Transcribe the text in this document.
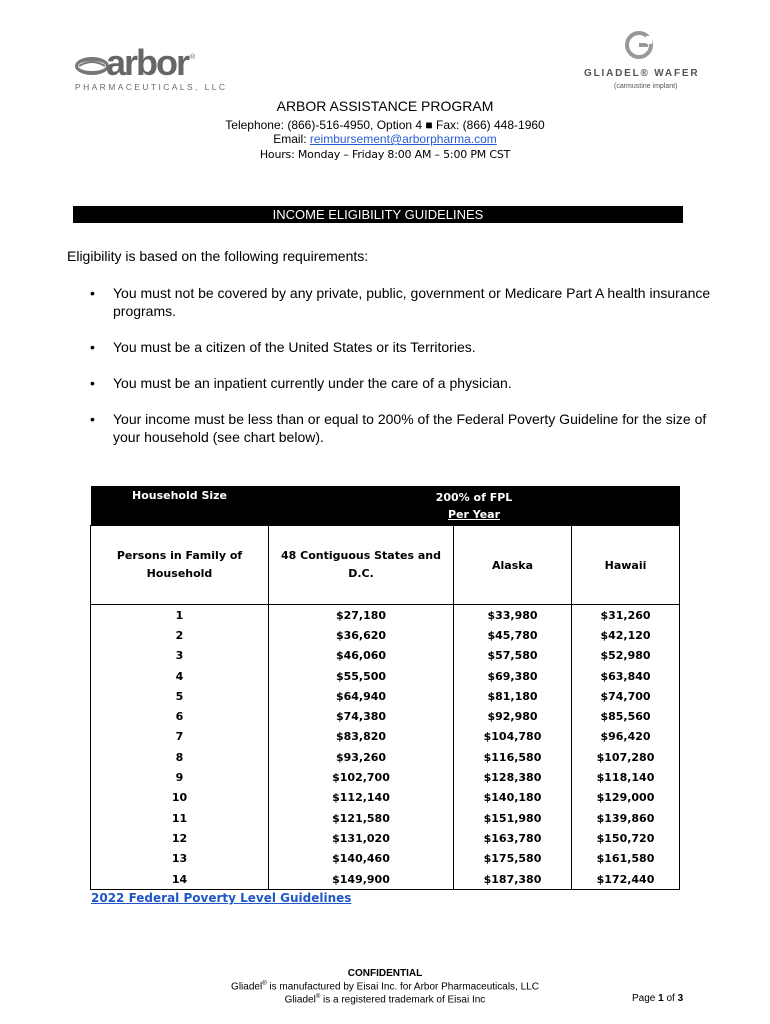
arbor ®
PHARMACEUTICALS, LLC
GLIADEL® WAFER
(carmustine implant)
ARBOR ASSISTANCE PROGRAM
Telephone: (866)-516-4950, Option 4 ■ Fax: (866) 448-1960
Email: reimbursement@arborpharma.com
Hours: Monday – Friday 8:00 AM – 5:00 PM CST
INCOME ELIGIBILITY GUIDELINES
Eligibility is based on the following requirements:
• You must not be covered by any private, public, government or Medicare Part A health insurance programs.
• You must be a citizen of the United States or its Territories.
• You must be an inpatient currently under the care of a physician.
• Your income must be less than or equal to 200% of the Federal Poverty Guideline for the size of your household (see chart below).
Household Size	200% of FPL
Per Year		
Persons in Family of Household	48 Contiguous States and D.C.	Alaska	Hawaii
1	$27,180	$33,980	$31,260
2	$36,620	$45,780	$42,120
3	$46,060	$57,580	$52,980
4	$55,500	$69,380	$63,840
5	$64,940	$81,180	$74,700
6	$74,380	$92,980	$85,560
7	$83,820	$104,780	$96,420
8	$93,260	$116,580	$107,280
9	$102,700	$128,380	$118,140
10	$112,140	$140,180	$129,000
11	$121,580	$151,980	$139,860
12	$131,020	$163,780	$150,720
13	$140,460	$175,580	$161,580
14	$149,900	$187,380	$172,440
2022 Federal Poverty Level Guidelines
CONFIDENTIAL
Gliadel® is manufactured by Eisai Inc. for Arbor Pharmaceuticals, LLC
Gliadel® is a registered trademark of Eisai Inc	Page 1 of 3
